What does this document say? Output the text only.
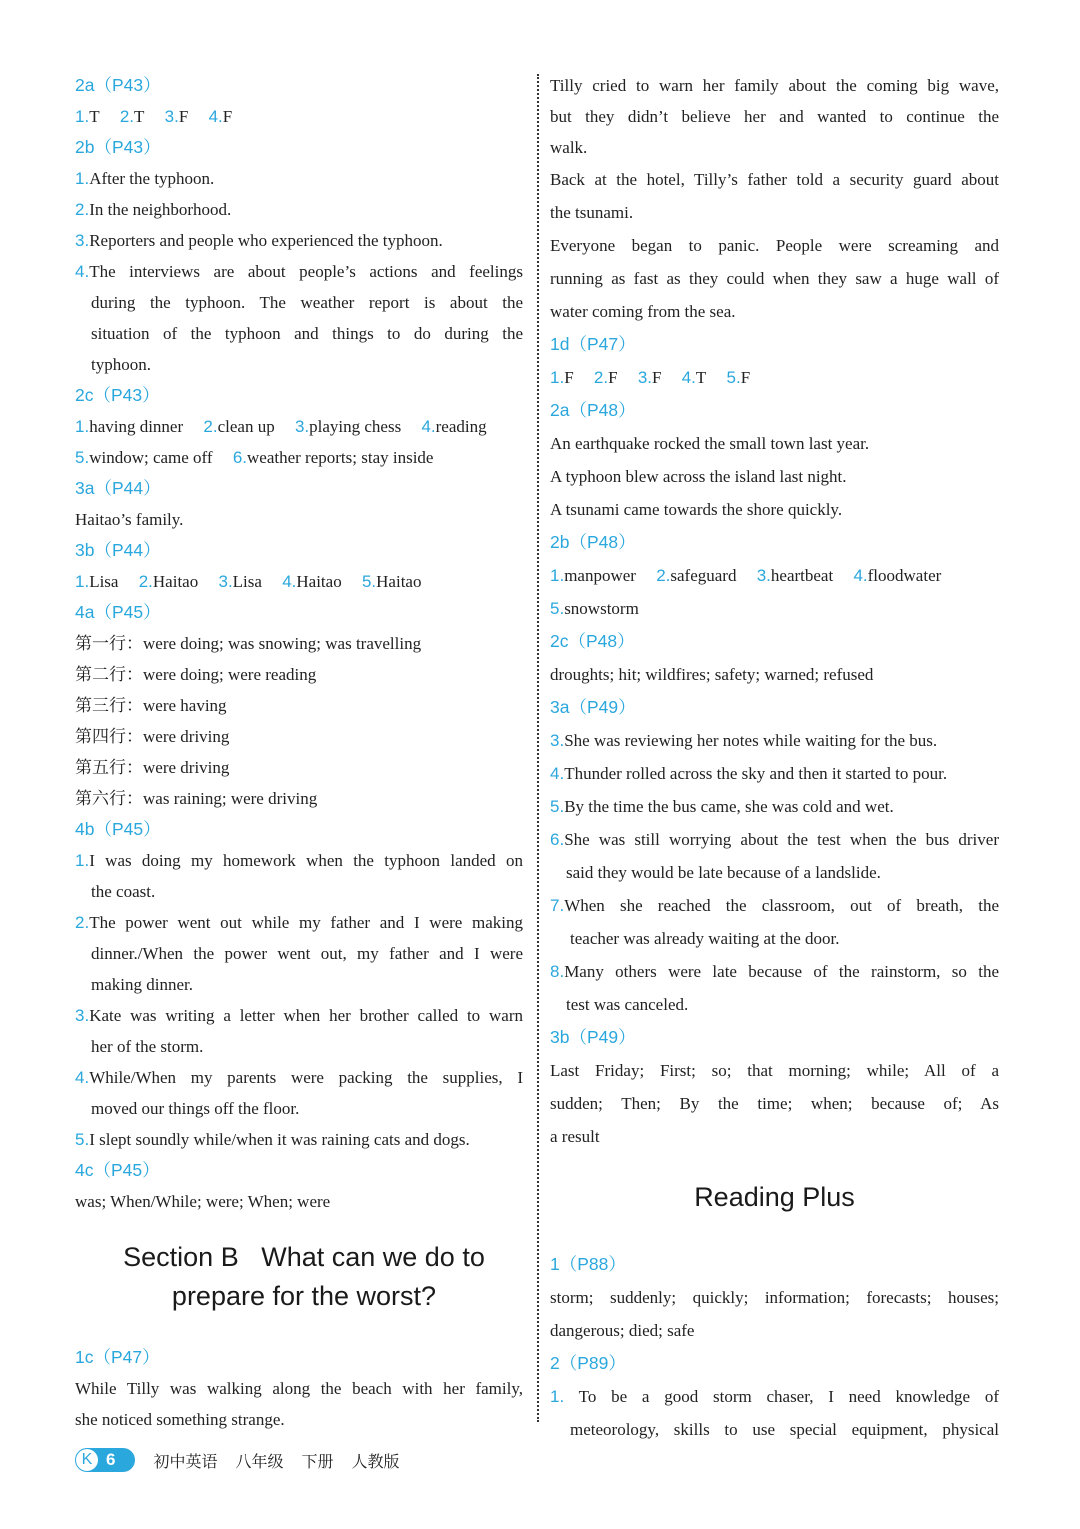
2a（P43）
1.T 2.T 3.F 4.F
2b（P43）
1.After the typhoon.
2.In the neighborhood.
3.Reporters and people who experienced the typhoon.
4.The interviews are about people’s actions and feelings
during the typhoon. The weather report is about the
situation of the typhoon and things to do during the
typhoon.
2c（P43）
1.having dinner 2.clean up 3.playing chess 4.reading
5.window; came off 6.weather reports; stay inside
3a（P44）
Haitao’s family.
3b（P44）
1.Lisa 2.Haitao 3.Lisa 4.Haitao 5.Haitao
4a（P45）
第一行：were doing; was snowing; was travelling
第二行：were doing; were reading
第三行：were having
第四行：were driving
第五行：were driving
第六行：was raining; were driving
4b（P45）
1.I was doing my homework when the typhoon landed on
the coast.
2.The power went out while my father and I were making
dinner./When the power went out, my father and I were
making dinner.
3.Kate was writing a letter when her brother called to warn
her of the storm.
4.While/When my parents were packing the supplies, I
moved our things off the floor.
5.I slept soundly while/when it was raining cats and dogs.
4c（P45）
was; When/While; were; When; were
Section B   What can we do to
prepare for the worst?
1c（P47）
While Tilly was walking along the beach with her family,
she noticed something strange.
Tilly cried to warn her family about the coming big wave,
but they didn’t believe her and wanted to continue the
walk.
Back at the hotel, Tilly’s father told a security guard about
the tsunami.
Everyone began to panic. People were screaming and
running as fast as they could when they saw a huge wall of
water coming from the sea.
1d（P47）
1.F 2.F 3.F 4.T 5.F
2a（P48）
An earthquake rocked the small town last year.
A typhoon blew across the island last night.
A tsunami came towards the shore quickly.
2b（P48）
1.manpower 2.safeguard 3.heartbeat 4.floodwater
5.snowstorm
2c（P48）
droughts; hit; wildfires; safety; warned; refused
3a（P49）
3.She was reviewing her notes while waiting for the bus.
4.Thunder rolled across the sky and then it started to pour.
5.By the time the bus came, she was cold and wet.
6.She was still worrying about the test when the bus driver
said they would be late because of a landslide.
7.When she reached the classroom, out of breath, the
teacher was already waiting at the door.
8.Many others were late because of the rainstorm, so the
test was canceled.
3b（P49）
Last Friday; First; so; that morning; while; All of a
sudden; Then; By the time; when; because of; As
a result
Reading Plus
1（P88）
storm; suddenly; quickly; information; forecasts; houses;
dangerous; died; safe
2（P89）
1. To be a good storm chaser, I need knowledge of
meteorology, skills to use special equipment, physical
K 6	初中英语 八年级 下册 人教版
